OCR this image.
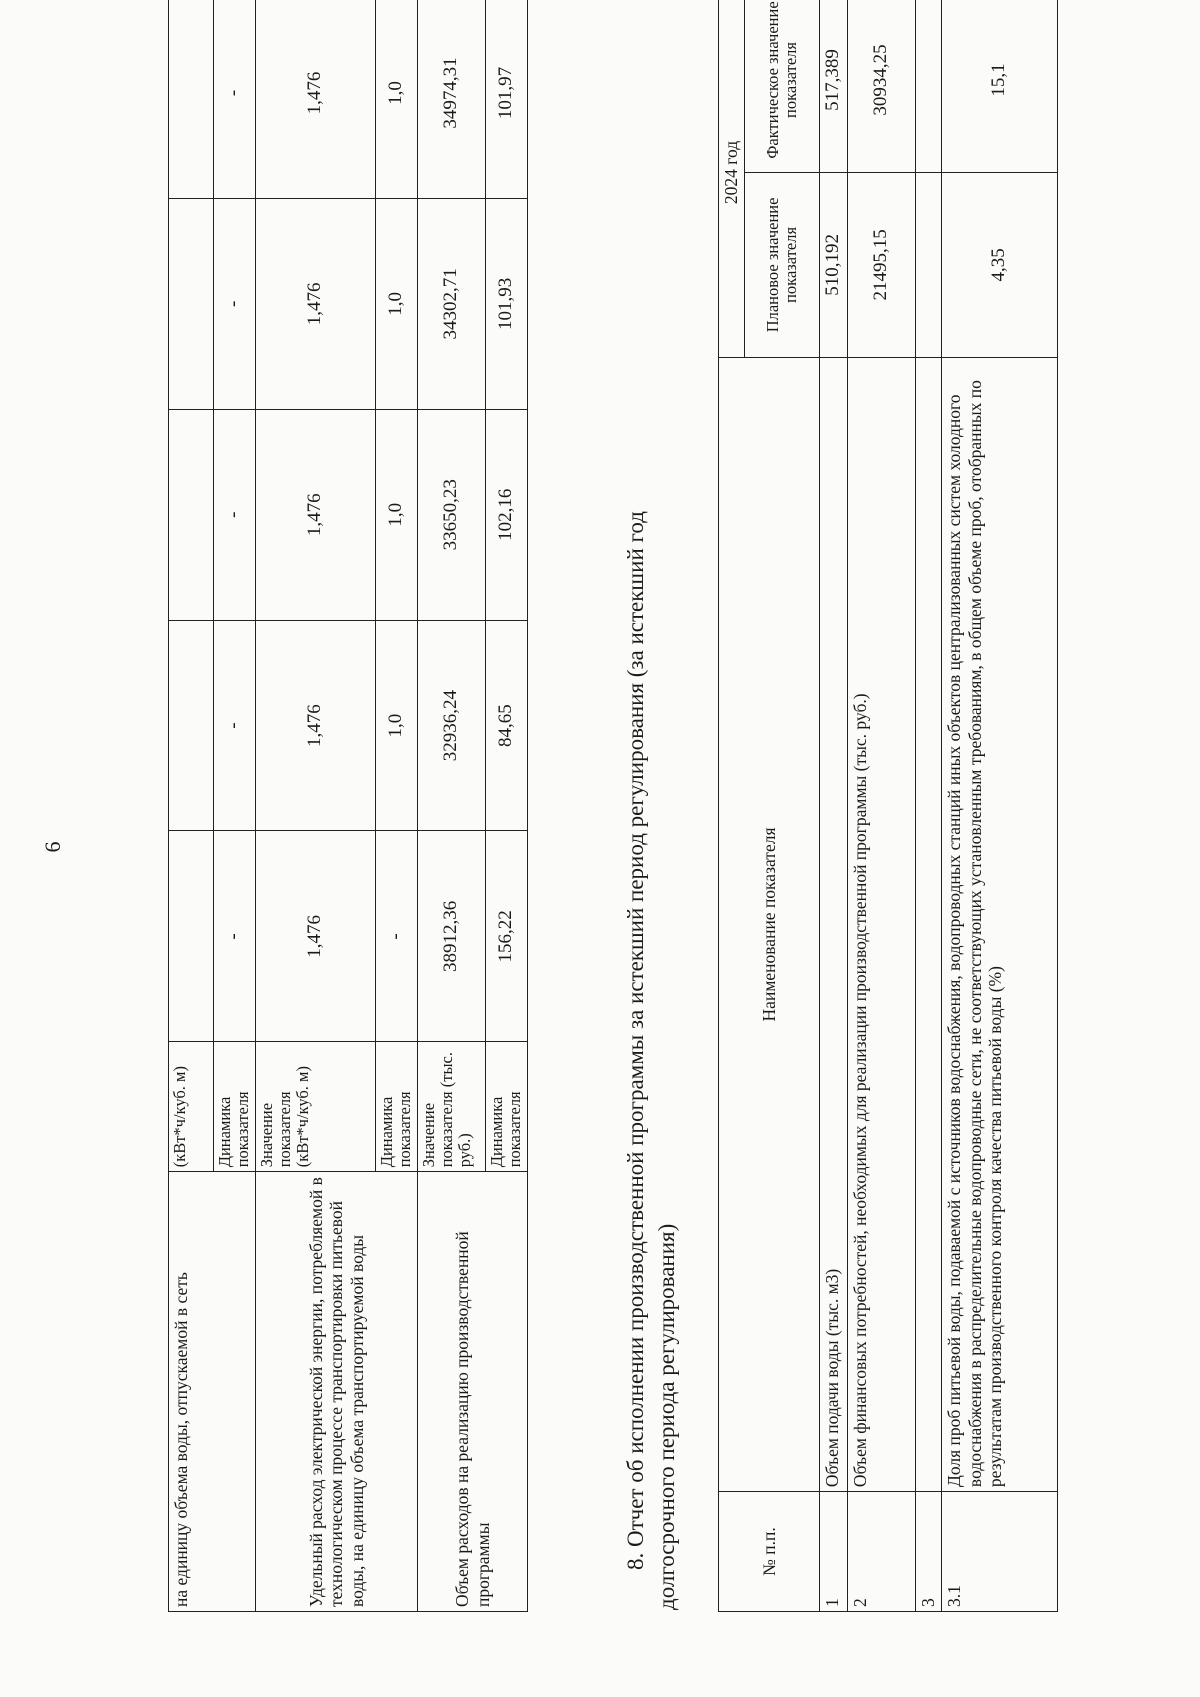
6
на единицу объема воды, отпускаемой в сеть	(кВт*ч/куб. м)					
	Динамика показателя	-	-	-	-	-
Удельный расход электрической энергии, потребляемой в технологическом процессе транспортировки питьевой воды, на единицу объема транспортируемой воды	Значение показателя (кВт*ч/куб. м)	1,476	1,476	1,476	1,476	1,476
	Динамика показателя	-	1,0	1,0	1,0	1,0
Объем расходов на реализацию производственной программы	Значение показателя (тыс. руб.)	38912,36	32936,24	33650,23	34302,71	34974,31
	Динамика показателя	156,22	84,65	102,16	101,93	101,97
8. Отчет об исполнении производственной программы за истекший период регулирования (за истекший год долгосрочного периода регулирования)	№ п.п.	Наименование показателя	2024 год	
		Плановое значение показателя	Фактическое значение показателя

1	Объем подачи воды (тыс. м3)	510,192	517,389
2	Объем финансовых потребностей, необходимых для реализации производственной программы (тыс. руб.)	21495,15	30934,25
3			
3.1	Доля проб питьевой воды, подаваемой с источников водоснабжения, водопроводных станций иных объектов централизованных систем холодного водоснабжения в распределительные водопроводные сети, не соответствующих установленным требованиям, в общем объеме проб, отобранных по результатам производственного контроля качества питьевой воды (%)	4,35	15,1
